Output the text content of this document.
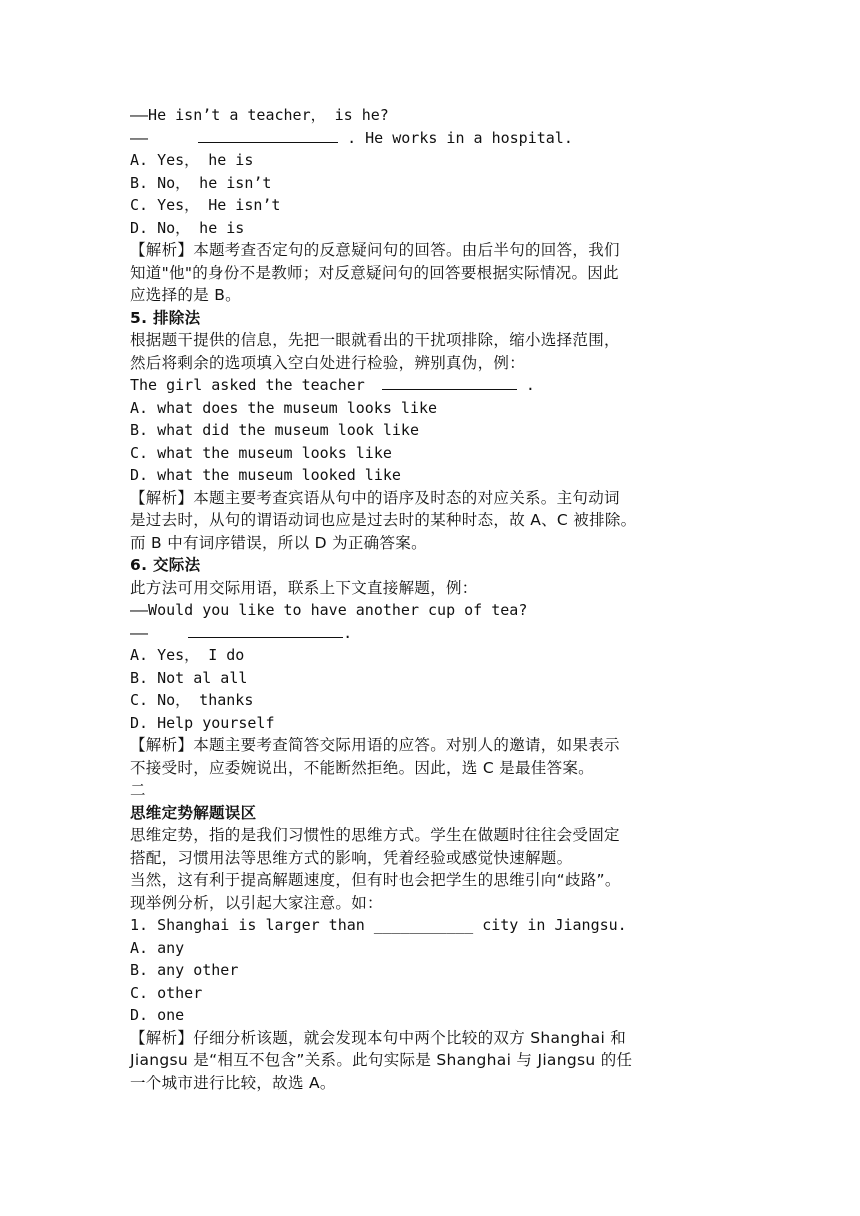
——He isn’t a teacher， is he?
——	. He works in a hospital.
A. Yes， he is
B. No， he isn’t
C. Yes， He isn’t
D. No， he is
【解析】本题考查否定句的反意疑问句的回答。由后半句的回答，我们
知道"他"的身份不是教师；对反意疑问句的回答要根据实际情况。因此
应选择的是 B。
5. 排除法
根据题干提供的信息，先把一眼就看出的干扰项排除，缩小选择范围，
然后将剩余的选项填入空白处进行检验，辨别真伪，例：
The girl asked the teacher	.
A. what does the museum looks like
B. what did the museum look like
C. what the museum looks like
D. what the museum looked like
【解析】本题主要考查宾语从句中的语序及时态的对应关系。主句动词
是过去时，从句的谓语动词也应是过去时的某种时态，故 A、C 被排除。
而 B 中有词序错误，所以 D 为正确答案。
6. 交际法
此方法可用交际用语，联系上下文直接解题，例：
——Would you like to have another cup of tea?
——	.
A. Yes， I do
B. Not al all
C. No， thanks
D. Help yourself
【解析】本题主要考查简答交际用语的应答。对别人的邀请，如果表示
不接受时，应委婉说出，不能断然拒绝。因此，选 C 是最佳答案。
二
思维定势解题误区
思维定势，指的是我们习惯性的思维方式。学生在做题时往往会受固定
搭配，习惯用法等思维方式的影响，凭着经验或感觉快速解题。
当然，这有利于提高解题速度，但有时也会把学生的思维引向“歧路”。
现举例分析，以引起大家注意。如：
1. Shanghai is larger than ___________ city in Jiangsu.
A. any
B. any other
C. other
D. one
【解析】仔细分析该题，就会发现本句中两个比较的双方 Shanghai 和
Jiangsu 是“相互不包含”关系。此句实际是 Shanghai 与 Jiangsu 的任
一个城市进行比较，故选 A。
